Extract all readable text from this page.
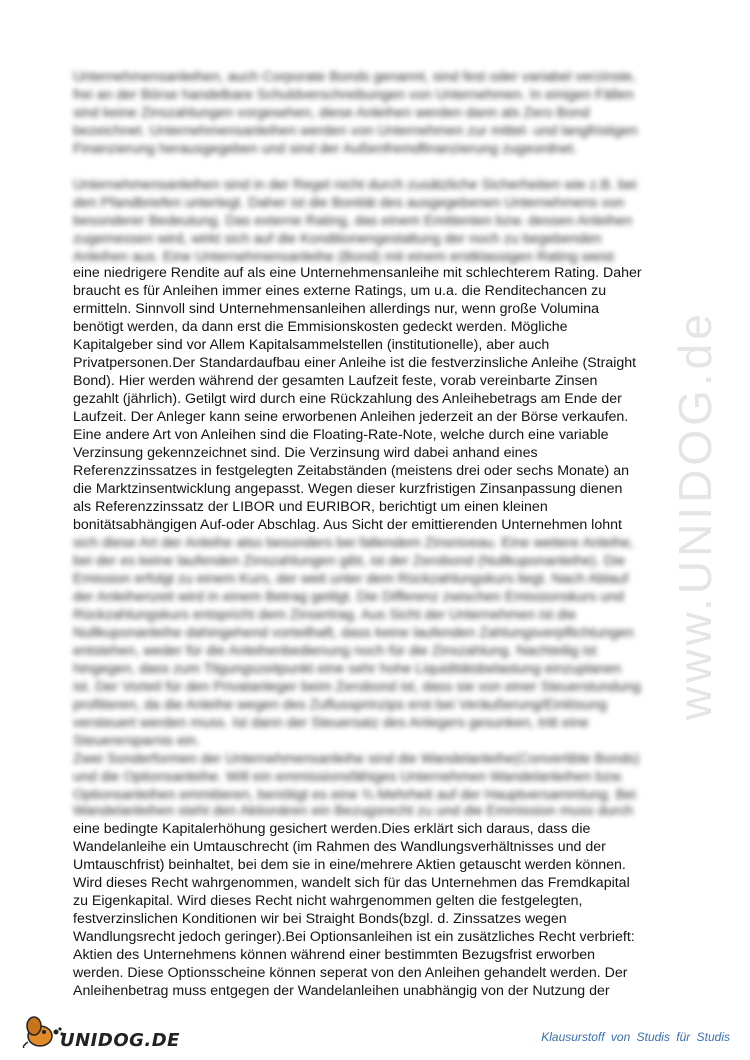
www.UNIDOG.de
Unternehmensanleihen, auch Corporate Bonds genannt, sind fest oder variabel verzinste,
frei an der Börse handelbare Schuldverschreibungen von Unternehmen. In einigen Fällen
sind keine Zinszahlungen vorgesehen, diese Anleihen werden dann als Zero Bond
bezeichnet. Unternehmensanleihen werden von Unternehmen zur mittel- und langfristigen
Finanzierung herausgegeben und sind der Außenfremdfinanzierung zugeordnet.
Unternehmensanleihen sind in der Regel nicht durch zusätzliche Sicherheiten wie z.B. bei
den Pfandbriefen unterlegt. Daher ist die Bonität des ausgegebenen Unternehmens von
besonderer Bedeutung. Das externe Rating, das einem Emittenten bzw. dessen Anleihen
zugemessen wird, wirkt sich auf die Konditionengestaltung der noch zu begebenden
Anleihen aus. Eine Unternehmensanleihe (Bond) mit einem erstklassigen Rating weist
eine niedrigere Rendite auf als eine Unternehmensanleihe mit schlechterem Rating. Daher
braucht es für Anleihen immer eines externe Ratings, um u.a. die Renditechancen zu
ermitteln. Sinnvoll sind Unternehmensanleihen allerdings nur, wenn große Volumina
benötigt werden, da dann erst die Emmisionskosten gedeckt werden. Mögliche
Kapitalgeber sind vor Allem Kapitalsammelstellen (institutionelle), aber auch
Privatpersonen.Der Standardaufbau einer Anleihe ist die festverzinsliche Anleihe (Straight
Bond). Hier werden während der gesamten Laufzeit feste, vorab vereinbarte Zinsen
gezahlt (jährlich). Getilgt wird durch eine Rückzahlung des Anleihebetrags am Ende der
Laufzeit. Der Anleger kann seine erworbenen Anleihen jederzeit an der Börse verkaufen.
Eine andere Art von Anleihen sind die Floating-Rate-Note, welche durch eine variable
Verzinsung gekennzeichnet sind. Die Verzinsung wird dabei anhand eines
Referenzzinssatzes in festgelegten Zeitabständen (meistens drei oder sechs Monate) an
die Marktzinsentwicklung angepasst. Wegen dieser kurzfristigen Zinsanpassung dienen
als Referenzzinssatz der LIBOR und EURIBOR, berichtigt um einen kleinen
bonitätsabhängigen Auf-oder Abschlag. Aus Sicht der emittierenden Unternehmen lohnt
sich diese Art der Anleihe also besonders bei fallendem Zinsniveau. Eine weitere Anleihe,
bei der es keine laufenden Zinszahlungen gibt, ist der Zerobond (Nullkuponanleihe). Die
Emission erfolgt zu einem Kurs, der weit unter dem Rückzahlungskurs liegt. Nach Ablauf
der Anleihenzeit wird in einem Betrag getilgt. Die Differenz zwischen Emissionskurs und
Rückzahlungskurs entspricht dem Zinsertrag. Aus Sicht der Unternehmen ist die
Nullkuponanleihe dahingehend vorteilhaft, dass keine laufenden Zahlungsverpflichtungen
entstehen, weder für die Anleihenbedienung noch für die Zinszahlung. Nachteilig ist
hingegen, dass zum Tilgungszeitpunkt eine sehr hohe Liquiditätsbelastung einzuplanen
ist. Der Vorteil für den Privatanleger beim Zerobond ist, dass sie von einer Steuerstundung
profitieren, da die Anleihe wegen des Zuflussprinzips erst bei Veräußerung/Einlösung
versteuert werden muss. Ist dann der Steuersatz des Anlegers gesunken, tritt eine
Steuerersparnis ein.
Zwei Sonderformen der Unternehmensanleihe sind die Wandelanleihe(Convertible Bonds)
und die Optionsanleihe. Will ein emmissionsfähiges Unternehmen Wandelanleihen bzw.
Optionsanleihen emmitieren, benötigt es eine ¾ Mehrheit auf der Hauptversammlung. Bei
Wandelanleihen steht den Aktionären ein Bezugsrecht zu und die Emmission muss durch
eine bedingte Kapitalerhöhung gesichert werden.Dies erklärt sich daraus, dass die
Wandelanleihe ein Umtauschrecht (im Rahmen des Wandlungsverhältnisses und der
Umtauschfrist) beinhaltet, bei dem sie in eine/mehrere Aktien getauscht werden können.
Wird dieses Recht wahrgenommen, wandelt sich für das Unternehmen das Fremdkapital
zu Eigenkapital. Wird dieses Recht nicht wahrgenommen gelten die festgelegten,
festverzinslichen Konditionen wir bei Straight Bonds(bzgl. d. Zinssatzes wegen
Wandlungsrecht jedoch geringer).Bei Optionsanleihen ist ein zusätzliches Recht verbrieft:
Aktien des Unternehmens können während einer bestimmten Bezugsfrist erworben
werden. Diese Optionsscheine können seperat von den Anleihen gehandelt werden. Der
Anleihenbetrag muss entgegen der Wandelanleihen unabhängig von der Nutzung der
UNIDOG.DE	Klausurstoff von Studis für Studis
